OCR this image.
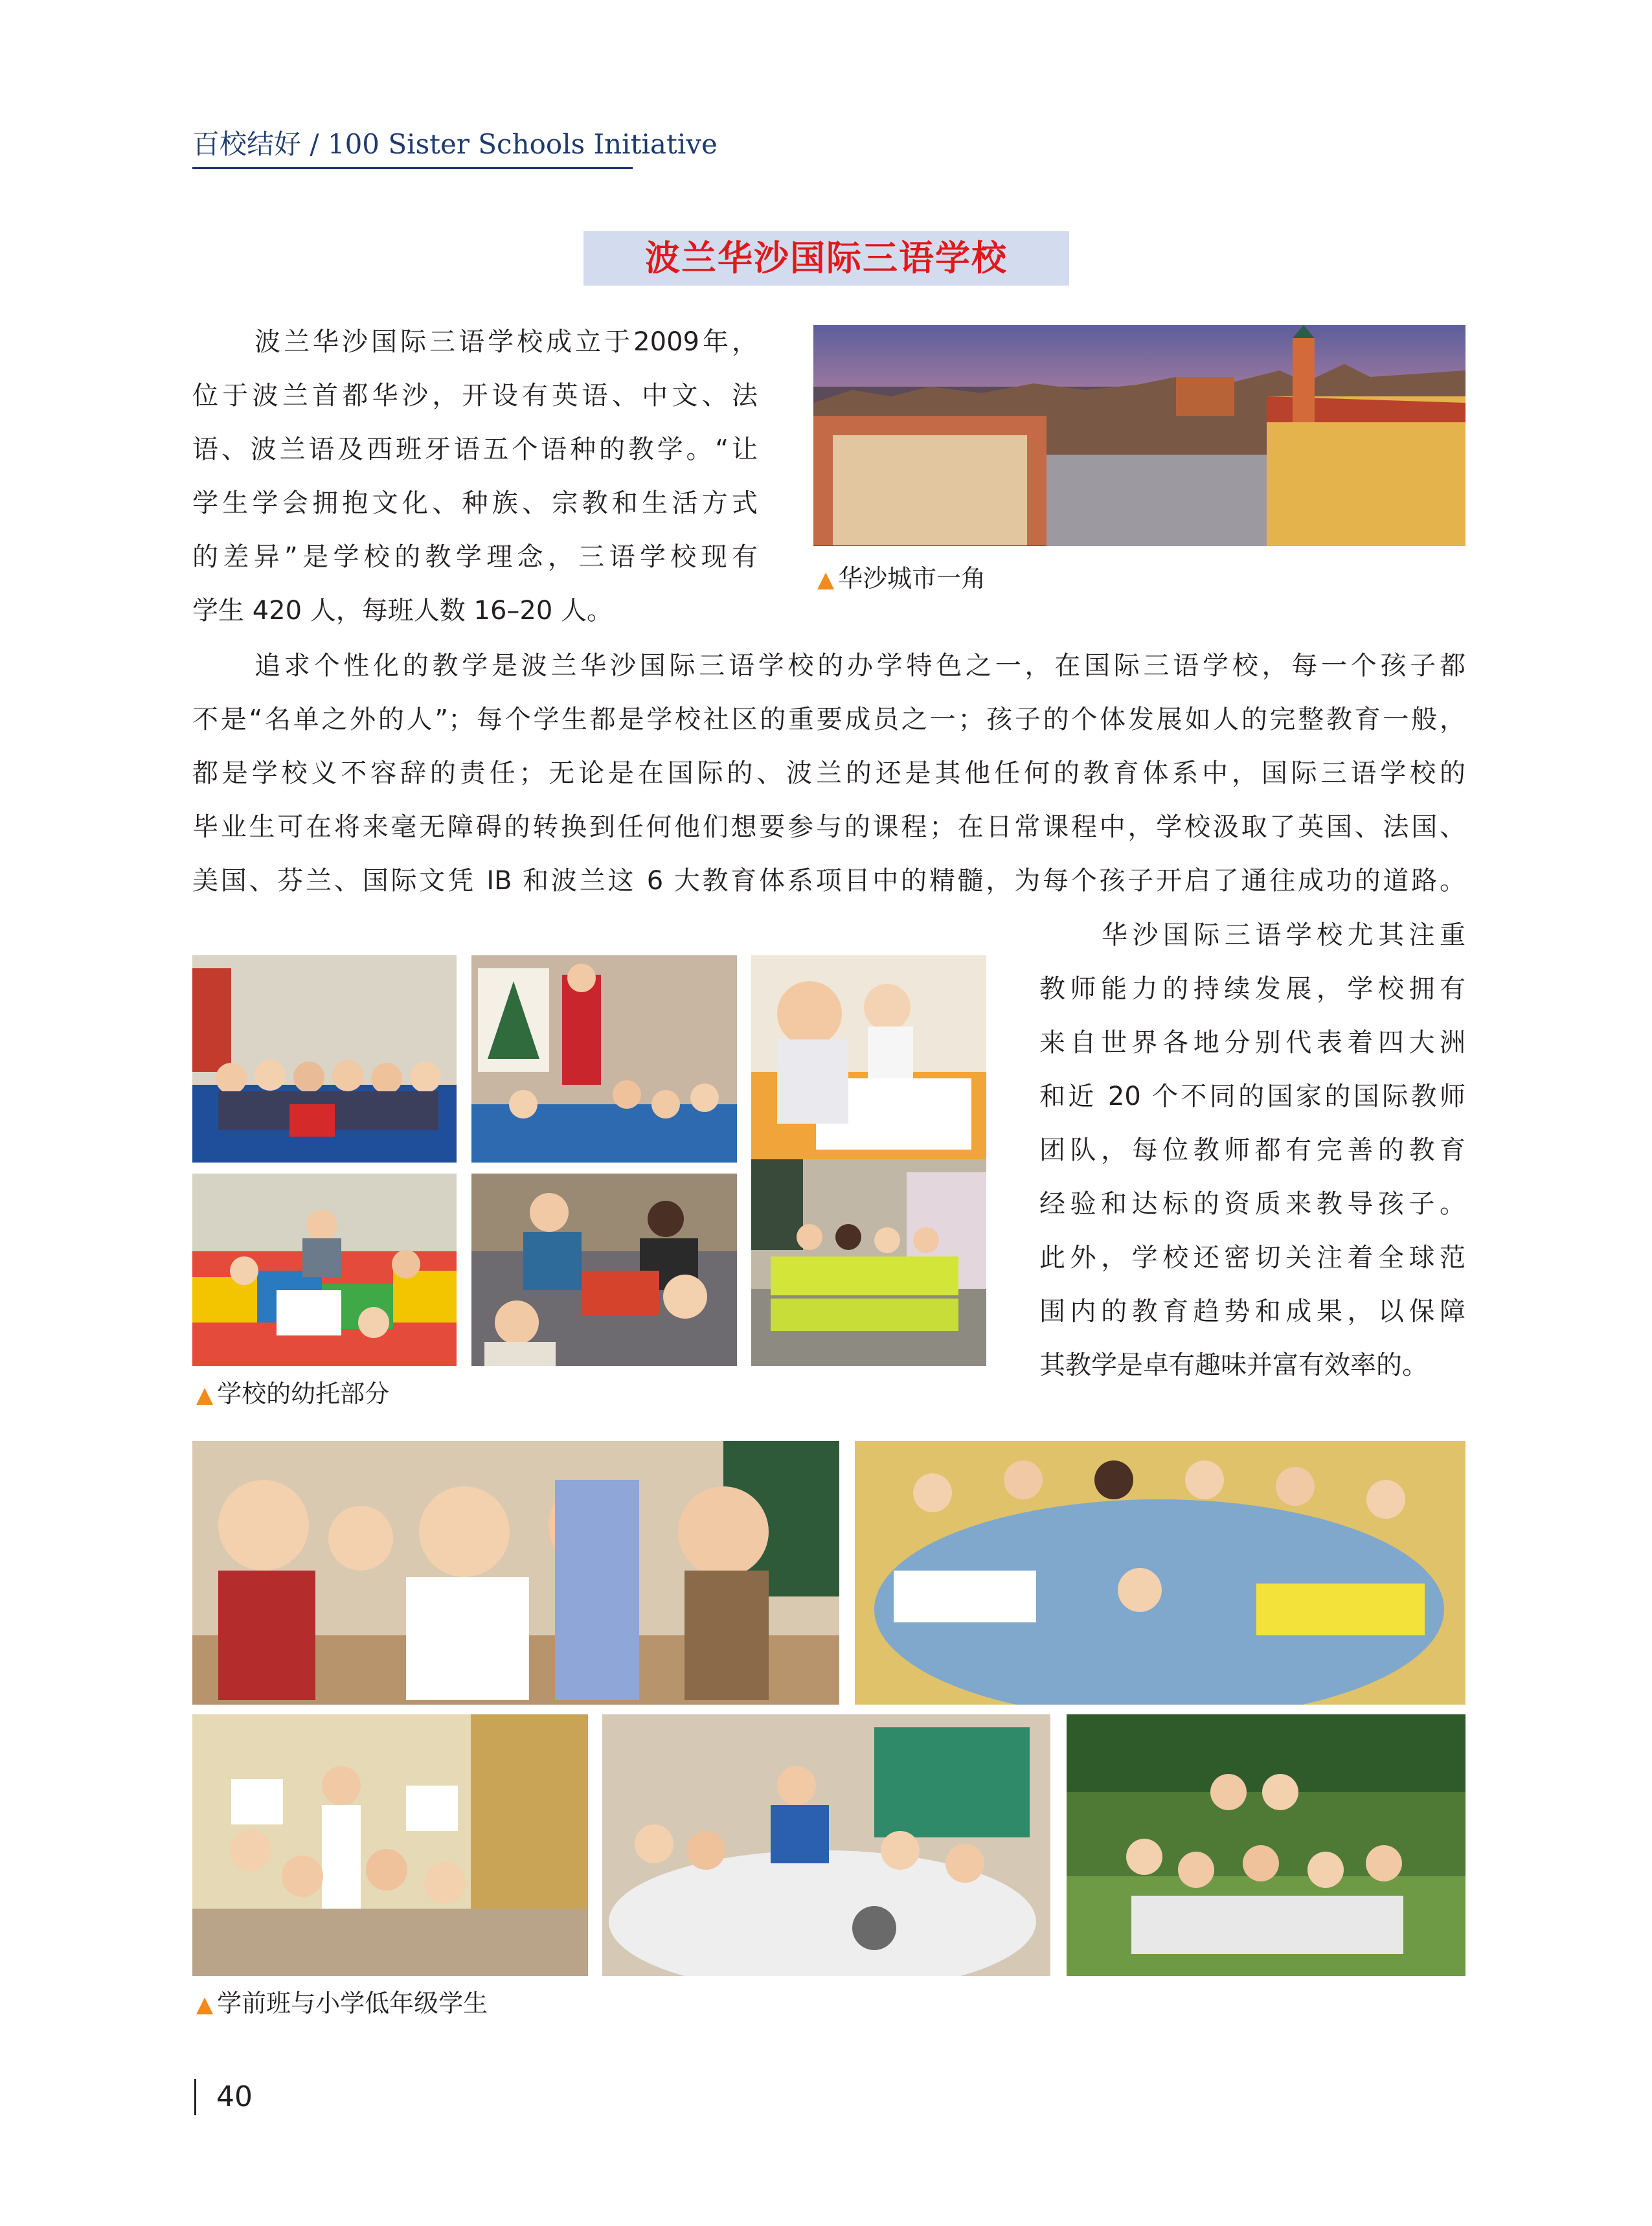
百校结好 / 100 Sister Schools Initiative
波兰华沙国际三语学校
波兰华沙国际三语学校成立于2009年，
位于波兰首都华沙，开设有英语、中文、法
语、波兰语及西班牙语五个语种的教学。“让
学生学会拥抱文化、种族、宗教和生活方式
的差异”是学校的教学理念，三语学校现有
学生 420 人，每班人数 16–20 人。
▲ 华沙城市一角
追求个性化的教学是波兰华沙国际三语学校的办学特色之一，在国际三语学校，每一个孩子都
不是“名单之外的人”；每个学生都是学校社区的重要成员之一；孩子的个体发展如人的完整教育一般，
都是学校义不容辞的责任；无论是在国际的、波兰的还是其他任何的教育体系中，国际三语学校的
毕业生可在将来毫无障碍的转换到任何他们想要参与的课程；在日常课程中，学校汲取了英国、法国、
美国、芬兰、国际文凭 IB 和波兰这 6 大教育体系项目中的精髓，为每个孩子开启了通往成功的道路。
华沙国际三语学校尤其注重
教师能力的持续发展，学校拥有
来自世界各地分别代表着四大洲
和近 20 个不同的国家的国际教师
团队，每位教师都有完善的教育
经验和达标的资质来教导孩子。
此外，学校还密切关注着全球范
围内的教育趋势和成果，以保障
其教学是卓有趣味并富有效率的。
▲ 学校的幼托部分
▲ 学前班与小学低年级学生
40
